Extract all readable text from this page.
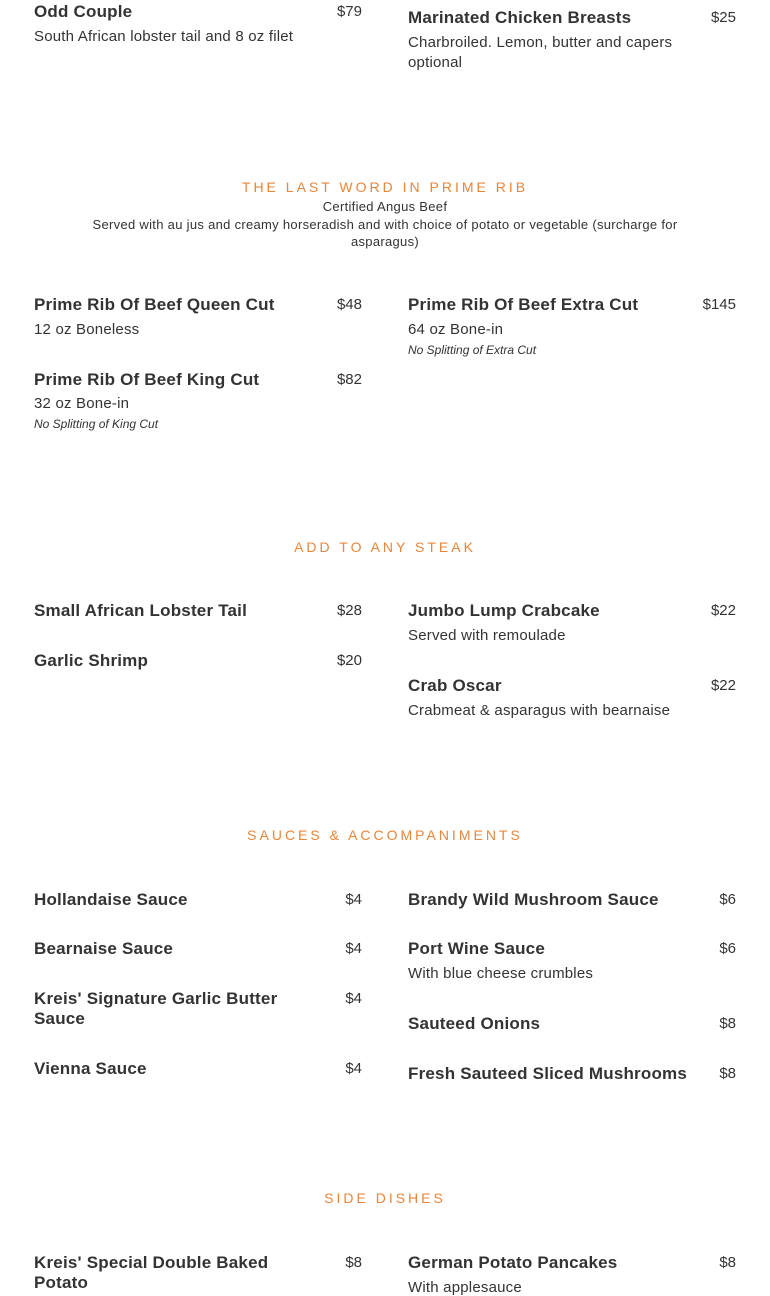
Odd Couple	$79
South African lobster tail and 8 oz filet
Marinated Chicken Breasts	$25
Charbroiled. Lemon, butter and capers optional
THE LAST WORD IN PRIME RIB
Certified Angus Beef
Served with au jus and creamy horseradish and with choice of potato or vegetable (surcharge for asparagus)
Prime Rib Of Beef Queen Cut	$48
12 oz Boneless
Prime Rib Of Beef King Cut	$82
32 oz Bone-in
No Splitting of King Cut
Prime Rib Of Beef Extra Cut	$145
64 oz Bone-in
No Splitting of Extra Cut
ADD TO ANY STEAK
Small African Lobster Tail	$28
Garlic Shrimp	$20
Jumbo Lump Crabcake	$22
Served with remoulade
Crab Oscar	$22
Crabmeat & asparagus with bearnaise
SAUCES & ACCOMPANIMENTS
Hollandaise Sauce	$4
Bearnaise Sauce	$4
Kreis' Signature Garlic Butter Sauce
$4
Vienna Sauce	$4
Brandy Wild Mushroom Sauce	$6
Port Wine Sauce	$6
With blue cheese crumbles
Sauteed Onions	$8
Fresh Sauteed Sliced Mushrooms $8
SIDE DISHES
Kreis' Special Double Baked Potato
$8	German Potato Pancakes	$8
With applesauce
